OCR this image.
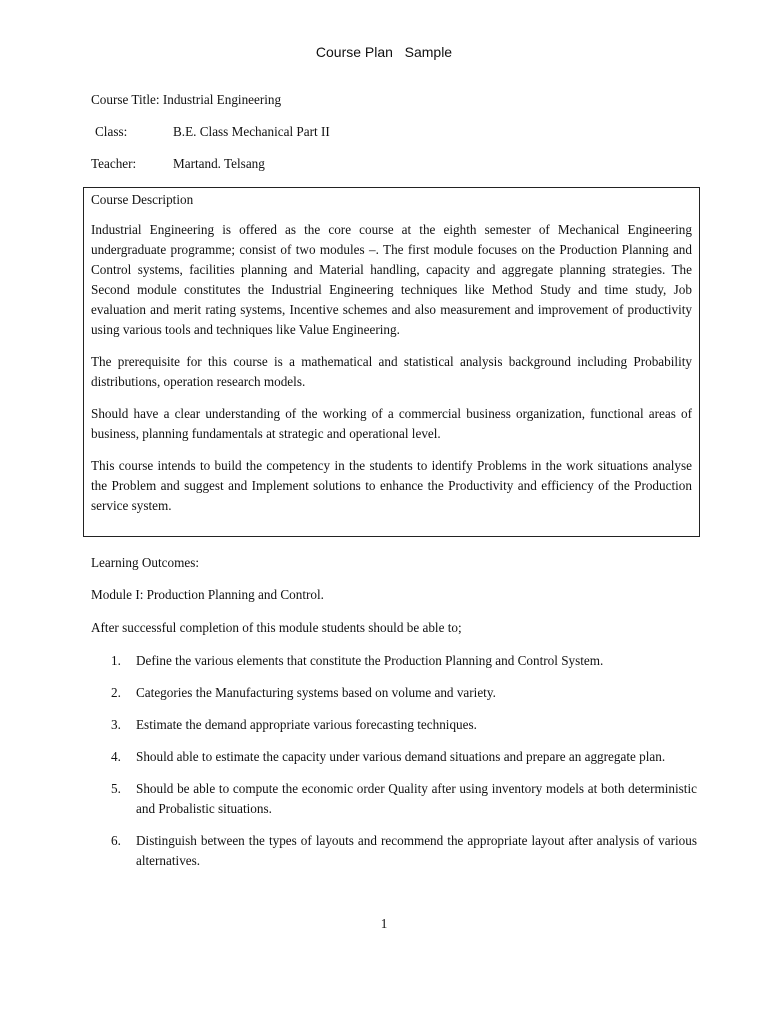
Course Plan   Sample
Course Title: Industrial Engineering
Class:	B.E. Class Mechanical Part II
Teacher:	Martand. Telsang

Course Description

Industrial Engineering is offered as the core course at the eighth semester of Mechanical Engineering undergraduate programme; consist of two modules –. The first module focuses on the Production Planning and Control systems, facilities planning and Material handling, capacity and aggregate planning strategies. The Second module constitutes the Industrial Engineering techniques like Method Study and time study, Job evaluation and merit rating systems, Incentive schemes and also measurement and improvement of productivity using various tools and techniques like Value Engineering.

The prerequisite for this course is a mathematical and statistical analysis background including Probability distributions, operation research models.

Should have a clear understanding of the working of a commercial business organization, functional areas of business, planning fundamentals at strategic and operational level.

This course intends to build the competency in the students to identify Problems in the work situations analyse the Problem and suggest and Implement solutions to enhance the Productivity and efficiency of the Production service system.

Learning Outcomes:
Module I: Production Planning and Control.
After successful completion of this module students should be able to;
1. Define the various elements that constitute the Production Planning and Control System.
2. Categories the Manufacturing systems based on volume and variety.
3. Estimate the demand appropriate various forecasting techniques.
4. Should able to estimate the capacity under various demand situations and prepare an aggregate plan.
5. Should be able to compute the economic order Quality after using inventory models at both deterministic and Probalistic situations.
6. Distinguish between the types of layouts and recommend the appropriate layout after analysis of various alternatives.
1
